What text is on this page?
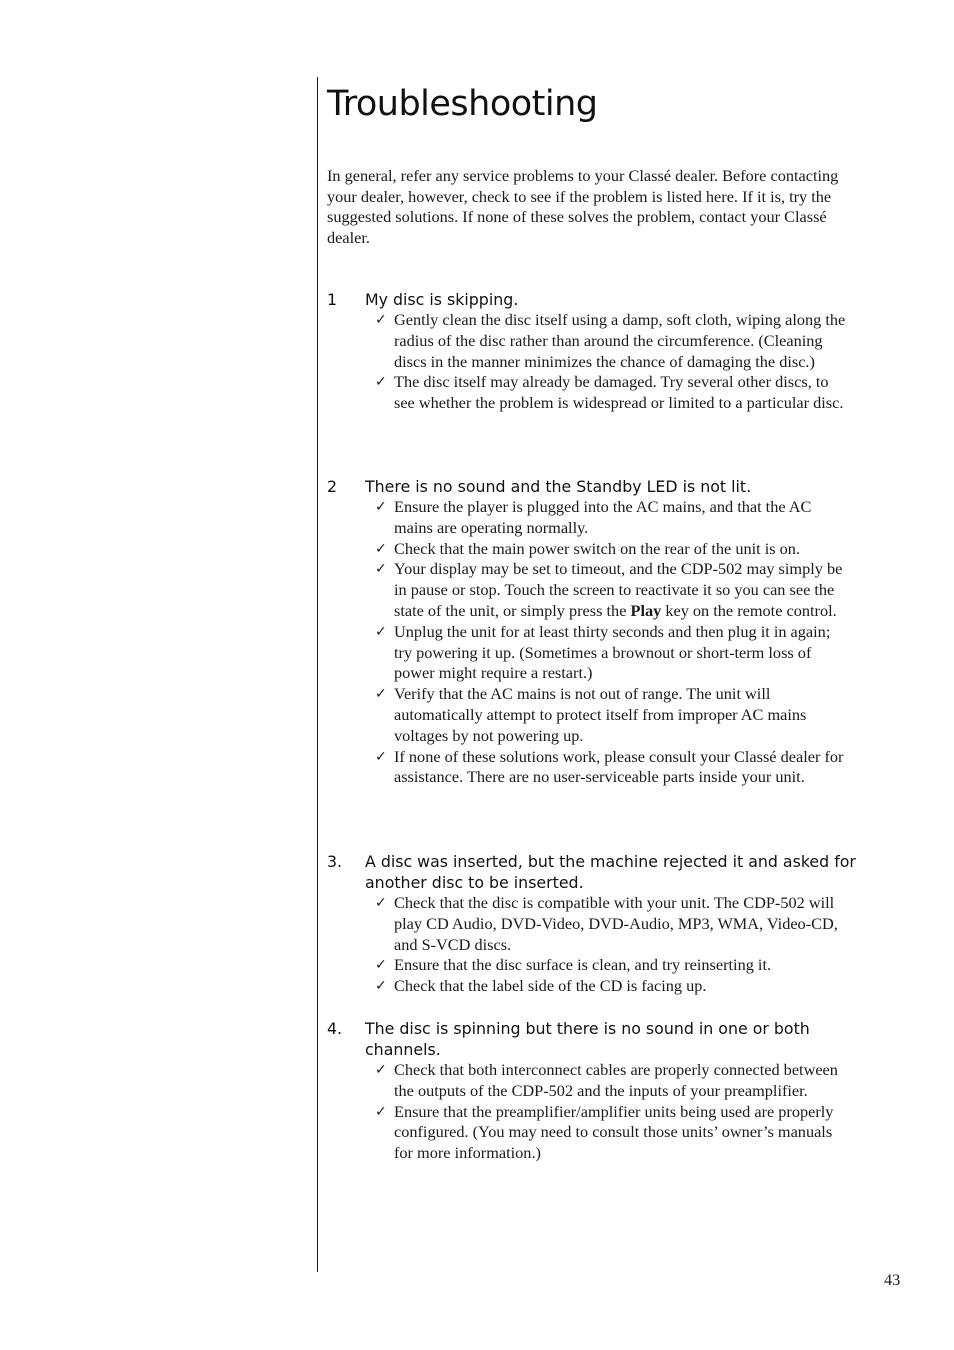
Troubleshooting

In general, refer any service problems to your Classé dealer. Before contacting your dealer, however, check to see if the problem is listed here. If it is, try the suggested solutions. If none of these solves the problem, contact your Classé dealer.

1 My disc is skipping.
✓ Gently clean the disc itself using a damp, soft cloth, wiping along the radius of the disc rather than around the circumference. (Cleaning discs in the manner minimizes the chance of damaging the disc.)
✓ The disc itself may already be damaged. Try several other discs, to see whether the problem is widespread or limited to a particular disc.
2 There is no sound and the Standby LED is not lit.
✓ Ensure the player is plugged into the AC mains, and that the AC mains are operating normally.
✓ Check that the main power switch on the rear of the unit is on.
✓ Your display may be set to timeout, and the CDP-502 may simply be in pause or stop. Touch the screen to reactivate it so you can see the state of the unit, or simply press the Play key on the remote control.
✓ Unplug the unit for at least thirty seconds and then plug it in again; try powering it up. (Sometimes a brownout or short-term loss of power might require a restart.)
✓ Verify that the AC mains is not out of range. The unit will automatically attempt to protect itself from improper AC mains voltages by not powering up.
✓ If none of these solutions work, please consult your Classé dealer for assistance. There are no user-serviceable parts inside your unit.
3. A disc was inserted, but the machine rejected it and asked for another disc to be inserted.
✓ Check that the disc is compatible with your unit. The CDP-502 will play CD Audio, DVD-Video, DVD-Audio, MP3, WMA, Video-CD, and S-VCD discs.
✓ Ensure that the disc surface is clean, and try reinserting it.
✓ Check that the label side of the CD is facing up.
4. The disc is spinning but there is no sound in one or both channels.
✓ Check that both interconnect cables are properly connected between the outputs of the CDP-502 and the inputs of your preamplifier.
✓ Ensure that the preamplifier/amplifier units being used are properly configured. (You may need to consult those units’ owner’s manuals for more information.)
43
